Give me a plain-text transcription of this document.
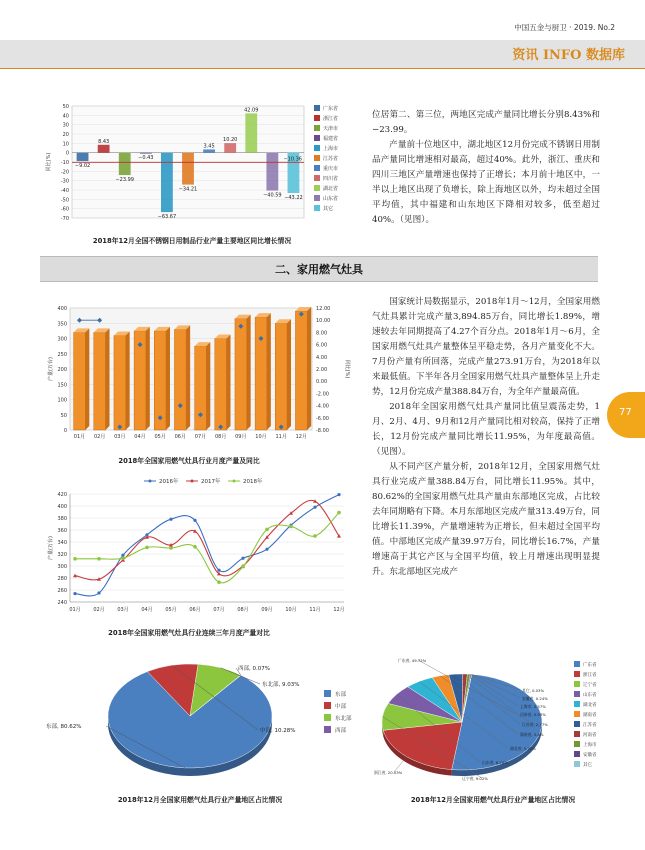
中国五金与厨卫 · 2019. No.2
资讯 INFO 数据库
77
50
40
30
20
10
0
-10
-20
-30
-40
-50
-60
-70
同比(%)	−9.02
8.43
−23.99
−0.43
−63.67
−34.21
3.45
10.20
42.09
−40.59 −43.22
−10.36
广东省
浙江省
天津市
福建省
上海市
江苏省
重庆市
四川省
湖北省
山东省
其它
2018年12月全国不锈钢日用制品行业产量主要地区同比增长情况

位居第二、第三位，两地区完成产量同比增长分别8.43%和−23.99。

产量前十位地区中，湖北地区12月份完成不锈钢日用制品产量同比增速相对最高，超过40%。此外，浙江、重庆和四川三地区产量增速也保持了正增长；本月前十地区中，一半以上地区出现了负增长，除上海地区以外，均未超过全国平均值，其中福建和山东地区下降相对较多，低至超过40%。（见图）。

二、家用燃气灶具
0
50
100
150
200
250
300
350
400	12.00
10.00
8.00
6.00
4.00
2.00
0.00
-2.00
-4.00
-6.00
-8.00
产量(万台)	同比(%)
01月 02月 03月 04月 05月 06月 07月 08月 09月 10月 11月 12月
2018年全国家用燃气灶具行业月度产量及同比
240
260
280
300
320
340
360
380
400
420
产量(万台)
01月	02月	03月	04月	05月	06月	07月	08月	09月	10月	11月	12月
2016年	2017年	2018年
2018年全国家用燃气灶具行业连续三年月度产量对比

国家统计局数据显示，2018年1月～12月，全国家用燃气灶具累计完成产量3,894.85万台，同比增长1.89%，增速较去年同期提高了4.27个百分点。2018年1月～6月，全国家用燃气灶具产量整体呈平稳走势，各月产量变化不大。7月份产量有所回落，完成产量273.91万台，为2018年以来最低值。下半年各月全国家用燃气灶具产量整体呈上升走势，12月份完成产量388.84万台，为全年产量最高值。

2018年全国家用燃气灶具产量同比值呈震荡走势，1月、2月、4月、9月和12月产量同比相对较高，保持了正增长，12月份完成产量同比增长11.95%，为年度最高值。（见图）。

从不同产区产量分析，2018年12月，全国家用燃气灶具行业完成产量388.84万台，同比增长11.95%。其中，80.62%的全国家用燃气灶具产量由东部地区完成，占比较去年同期略有下降。本月东部地区完成产量313.49万台，同比增长11.39%，产量增速转为正增长，但未超过全国平均值。中部地区完成产量39.97万台，同比增长16.7%，产量增速高于其它产区与全国平均值，较上月增速出现明显提升。东北部地区完成产

东部, 80.62%
中部, 10.28%
东北部, 9.03%
西部, 0.07%
东部
中部
东北部
西部
2018年12月全国家用燃气灶具行业产量地区占比情况
广东省, 49.72%
浙江省, 20.03%
辽宁省, 9.02%
山东省, 6.74%
湖北省, 5.75%
湖南省, 3.4%
江苏省, 2.77%
河南省, 0.93%
上海市, 0.57%
安徽省, 0.24%
其它, 0.03%
广东省
浙江省
辽宁省
山东省
湖北省
湖南省
江苏省
河南省
上海市
安徽省
其它
2018年12月全国家用燃气灶具行业产量地区占比情况
